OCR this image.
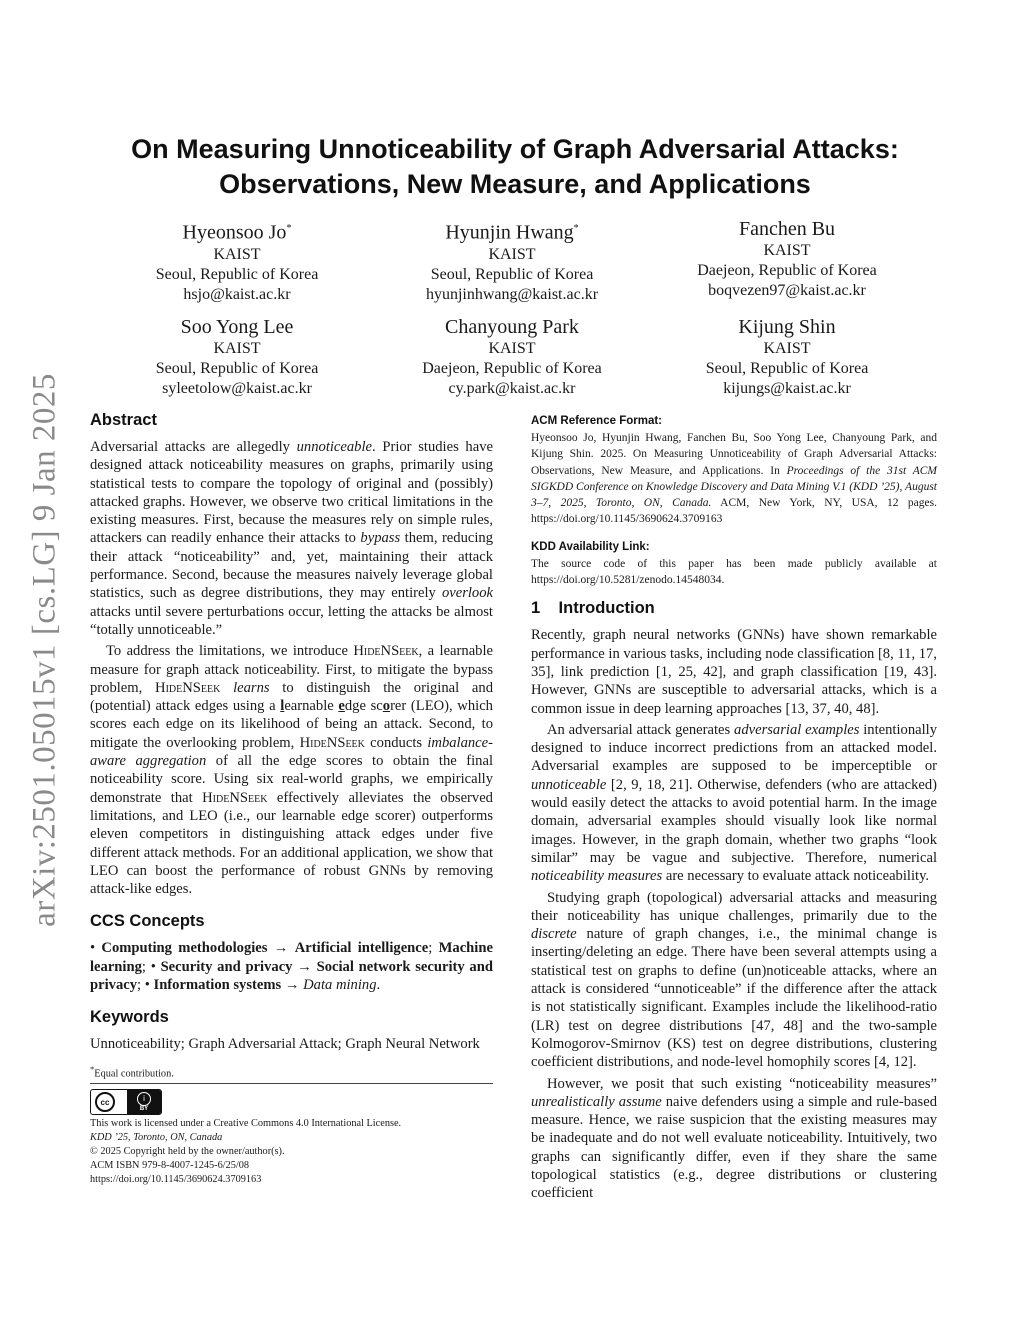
arXiv:2501.05015v1 [cs.LG] 9 Jan 2025
On Measuring Unnoticeability of Graph Adversarial Attacks:
Observations, New Measure, and Applications
Hyeonsoo Jo*
KAIST
Seoul, Republic of Korea
hsjo@kaist.ac.kr
Hyunjin Hwang*
KAIST
Seoul, Republic of Korea
hyunjinhwang@kaist.ac.kr
Fanchen Bu
KAIST
Daejeon, Republic of Korea
boqvezen97@kaist.ac.kr
Soo Yong Lee
KAIST
Seoul, Republic of Korea
syleetolow@kaist.ac.kr
Chanyoung Park
KAIST
Daejeon, Republic of Korea
cy.park@kaist.ac.kr
Kijung Shin
KAIST
Seoul, Republic of Korea
kijungs@kaist.ac.kr
Abstract

Adversarial attacks are allegedly unnoticeable. Prior studies have designed attack noticeability measures on graphs, primarily using statistical tests to compare the topology of original and (possibly) attacked graphs. However, we observe two critical limitations in the existing measures. First, because the measures rely on simple rules, attackers can readily enhance their attacks to bypass them, reducing their attack “noticeability” and, yet, maintaining their attack performance. Second, because the measures naively leverage global statistics, such as degree distributions, they may entirely overlook attacks until severe perturbations occur, letting the attacks be almost “totally unnoticeable.”

To address the limitations, we introduce HideNSeek, a learnable measure for graph attack noticeability. First, to mitigate the bypass problem, HideNSeek learns to distinguish the original and (potential) attack edges using a learnable edge scorer (LEO), which scores each edge on its likelihood of being an attack. Second, to mitigate the overlooking problem, HideNSeek conducts imbalance-aware aggregation of all the edge scores to obtain the final noticeability score. Using six real-world graphs, we empirically demonstrate that HideNSeek effectively alleviates the observed limitations, and LEO (i.e., our learnable edge scorer) outperforms eleven competitors in distinguishing attack edges under five different attack methods. For an additional application, we show that LEO can boost the performance of robust GNNs by removing attack-like edges.

CCS Concepts

• Computing methodologies → Artificial intelligence; Machine learning; • Security and privacy → Social network security and privacy; • Information systems → Data mining.

Keywords

Unnoticeability; Graph Adversarial Attack; Graph Neural Network

*Equal contribution.

cc	i
BY

This work is licensed under a Creative Commons 4.0 International License.

KDD ’25, Toronto, ON, Canada

© 2025 Copyright held by the owner/author(s).

ACM ISBN 979-8-4007-1245-6/25/08

https://doi.org/10.1145/3690624.3709163

ACM Reference Format:

Hyeonsoo Jo, Hyunjin Hwang, Fanchen Bu, Soo Yong Lee, Chanyoung Park, and Kijung Shin. 2025. On Measuring Unnoticeability of Graph Adversarial Attacks: Observations, New Measure, and Applications. In Proceedings of the 31st ACM SIGKDD Conference on Knowledge Discovery and Data Mining V.1 (KDD ’25), August 3–7, 2025, Toronto, ON, Canada. ACM, New York, NY, USA, 12 pages. https://doi.org/10.1145/3690624.3709163

KDD Availability Link:

The source code of this paper has been made publicly available at https://doi.org/10.5281/zenodo.14548034.

1 Introduction

Recently, graph neural networks (GNNs) have shown remarkable performance in various tasks, including node classification [8, 11, 17, 35], link prediction [1, 25, 42], and graph classification [19, 43]. However, GNNs are susceptible to adversarial attacks, which is a common issue in deep learning approaches [13, 37, 40, 48].

An adversarial attack generates adversarial examples intentionally designed to induce incorrect predictions from an attacked model. Adversarial examples are supposed to be imperceptible or unnoticeable [2, 9, 18, 21]. Otherwise, defenders (who are attacked) would easily detect the attacks to avoid potential harm. In the image domain, adversarial examples should visually look like normal images. However, in the graph domain, whether two graphs “look similar” may be vague and subjective. Therefore, numerical noticeability measures are necessary to evaluate attack noticeability.

Studying graph (topological) adversarial attacks and measuring their noticeability has unique challenges, primarily due to the discrete nature of graph changes, i.e., the minimal change is inserting/deleting an edge. There have been several attempts using a statistical test on graphs to define (un)noticeable attacks, where an attack is considered “unnoticeable” if the difference after the attack is not statistically significant. Examples include the likelihood-ratio (LR) test on degree distributions [47, 48] and the two-sample Kolmogorov-Smirnov (KS) test on degree distributions, clustering coefficient distributions, and node-level homophily scores [4, 12].

However, we posit that such existing “noticeability measures” unrealistically assume naive defenders using a simple and rule-based measure. Hence, we raise suspicion that the existing measures may be inadequate and do not well evaluate noticeability. Intuitively, two graphs can significantly differ, even if they share the same topological statistics (e.g., degree distributions or clustering coefficient
